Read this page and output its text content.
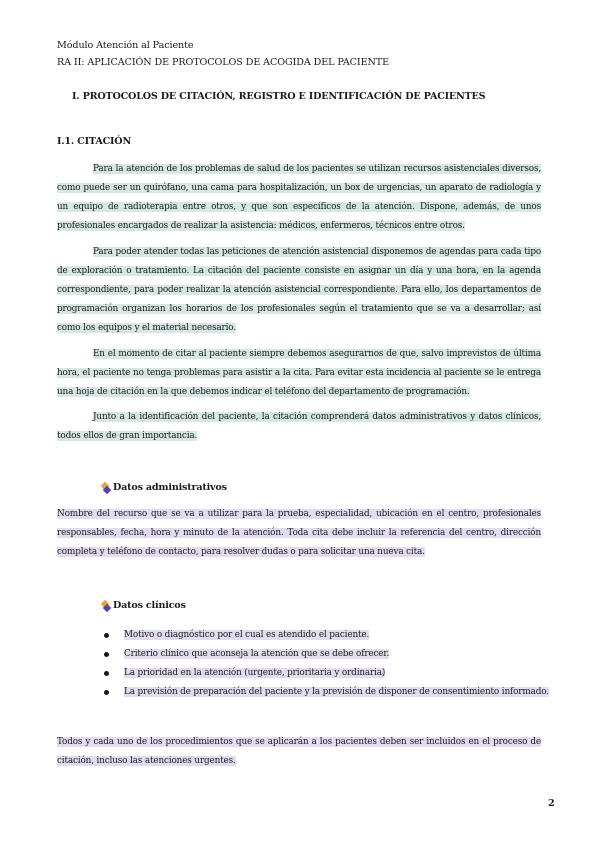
Módulo Atención al Paciente
RA II: APLICACIÓN DE PROTOCOLOS DE ACOGIDA DEL PACIENTE
I. PROTOCOLOS DE CITACIÓN, REGISTRO E IDENTIFICACIÓN DE PACIENTES
I.1. CITACIÓN

Para la atención de los problemas de salud de los pacientes se utilizan recursos asistenciales diversos, como puede ser un quirófano, una cama para hospitalización, un box de urgencias, un aparato de radiología y un equipo de radioterapia entre otros, y que son específicos de la atención. Dispone, además, de unos profesionales encargados de realizar la asistencia: médicos, enfermeros, técnicos entre otros.

Para poder atender todas las peticiones de atención asistencial disponemos de agendas para cada tipo de exploración o tratamiento. La citación del paciente consiste en asignar un día y una hora, en la agenda correspondiente, para poder realizar la atención asistencial correspondiente. Para ello, los departamentos de programación organizan los horarios de los profesionales según el tratamiento que se va a desarrollar; así como los equipos y el material necesario.

En el momento de citar al paciente siempre debemos asegurarnos de que, salvo imprevistos de última hora, el paciente no tenga problemas para asistir a la cita. Para evitar esta incidencia al paciente se le entrega una hoja de citación en la que debemos indicar el teléfono del departamento de programación.

Junto a la identificación del paciente, la citación comprenderá datos administrativos y datos clínicos, todos ellos de gran importancia.

Datos administrativos

Nombre del recurso que se va a utilizar para la prueba, especialidad, ubicación en el centro, profesionales responsables, fecha, hora y minuto de la atención. Toda cita debe incluir la referencia del centro, dirección completa y teléfono de contacto, para resolver dudas o para solicitar una nueva cita.

Datos clínicos
Motivo o diagnóstico por el cual es atendido el paciente.
Criterio clínico que aconseja la atención que se debe ofrecer.
La prioridad en la atención (urgente, prioritaria y ordinaria)
La previsión de preparación del paciente y la previsión de disponer de consentimiento informado.

Todos y cada uno de los procedimientos que se aplicarán a los pacientes deben ser incluidos en el proceso de citación, incluso las atenciones urgentes.

2
